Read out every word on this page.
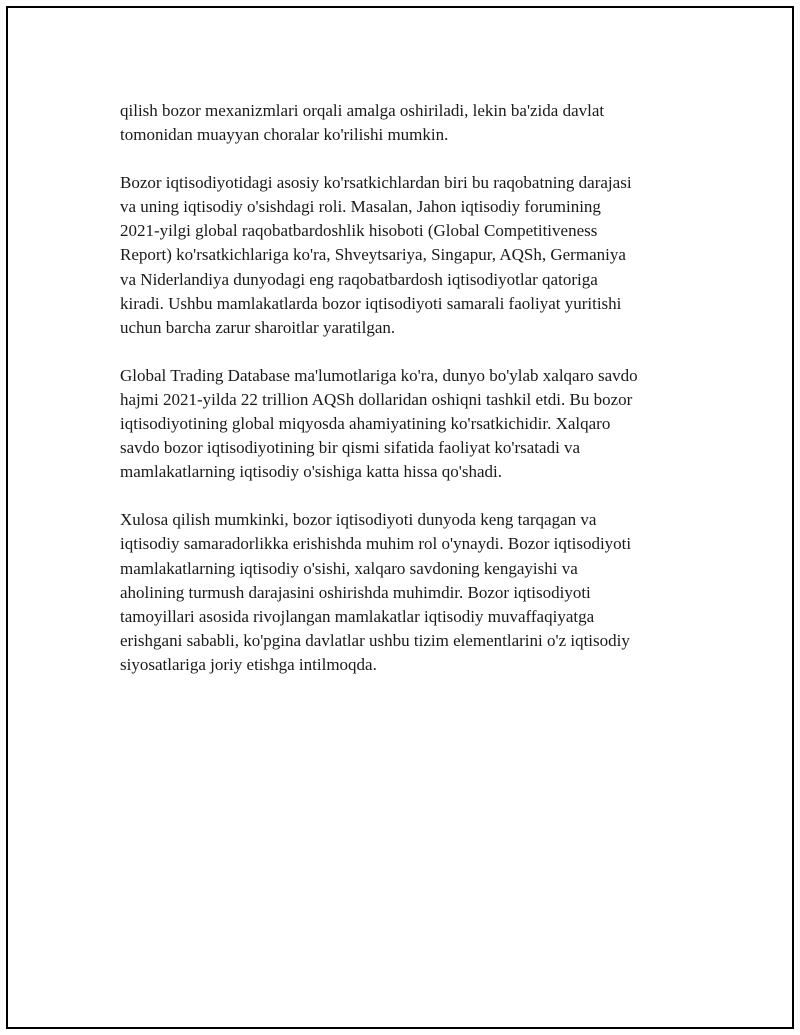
qilish bozor mexanizmlari orqali amalga oshiriladi, lekin ba'zida davlat
tomonidan muayyan choralar ko'rilishi mumkin.

Bozor iqtisodiyotidagi asosiy ko'rsatkichlardan biri bu raqobatning darajasi
va uning iqtisodiy o'sishdagi roli. Masalan, Jahon iqtisodiy forumining
2021-yilgi global raqobatbardoshlik hisoboti (Global Competitiveness
Report) ko'rsatkichlariga ko'ra, Shveytsariya, Singapur, AQSh, Germaniya
va Niderlandiya dunyodagi eng raqobatbardosh iqtisodiyotlar qatoriga
kiradi. Ushbu mamlakatlarda bozor iqtisodiyoti samarali faoliyat yuritishi
uchun barcha zarur sharoitlar yaratilgan.

Global Trading Database ma'lumotlariga ko'ra, dunyo bo'ylab xalqaro savdo
hajmi 2021-yilda 22 trillion AQSh dollaridan oshiqni tashkil etdi. Bu bozor
iqtisodiyotining global miqyosda ahamiyatining ko'rsatkichidir. Xalqaro
savdo bozor iqtisodiyotining bir qismi sifatida faoliyat ko'rsatadi va
mamlakatlarning iqtisodiy o'sishiga katta hissa qo'shadi.

Xulosa qilish mumkinki, bozor iqtisodiyoti dunyoda keng tarqagan va
iqtisodiy samaradorlikka erishishda muhim rol o'ynaydi. Bozor iqtisodiyoti
mamlakatlarning iqtisodiy o'sishi, xalqaro savdoning kengayishi va
aholining turmush darajasini oshirishda muhimdir. Bozor iqtisodiyoti
tamoyillari asosida rivojlangan mamlakatlar iqtisodiy muvaffaqiyatga
erishgani sababli, ko'pgina davlatlar ushbu tizim elementlarini o'z iqtisodiy
siyosatlariga joriy etishga intilmoqda.
